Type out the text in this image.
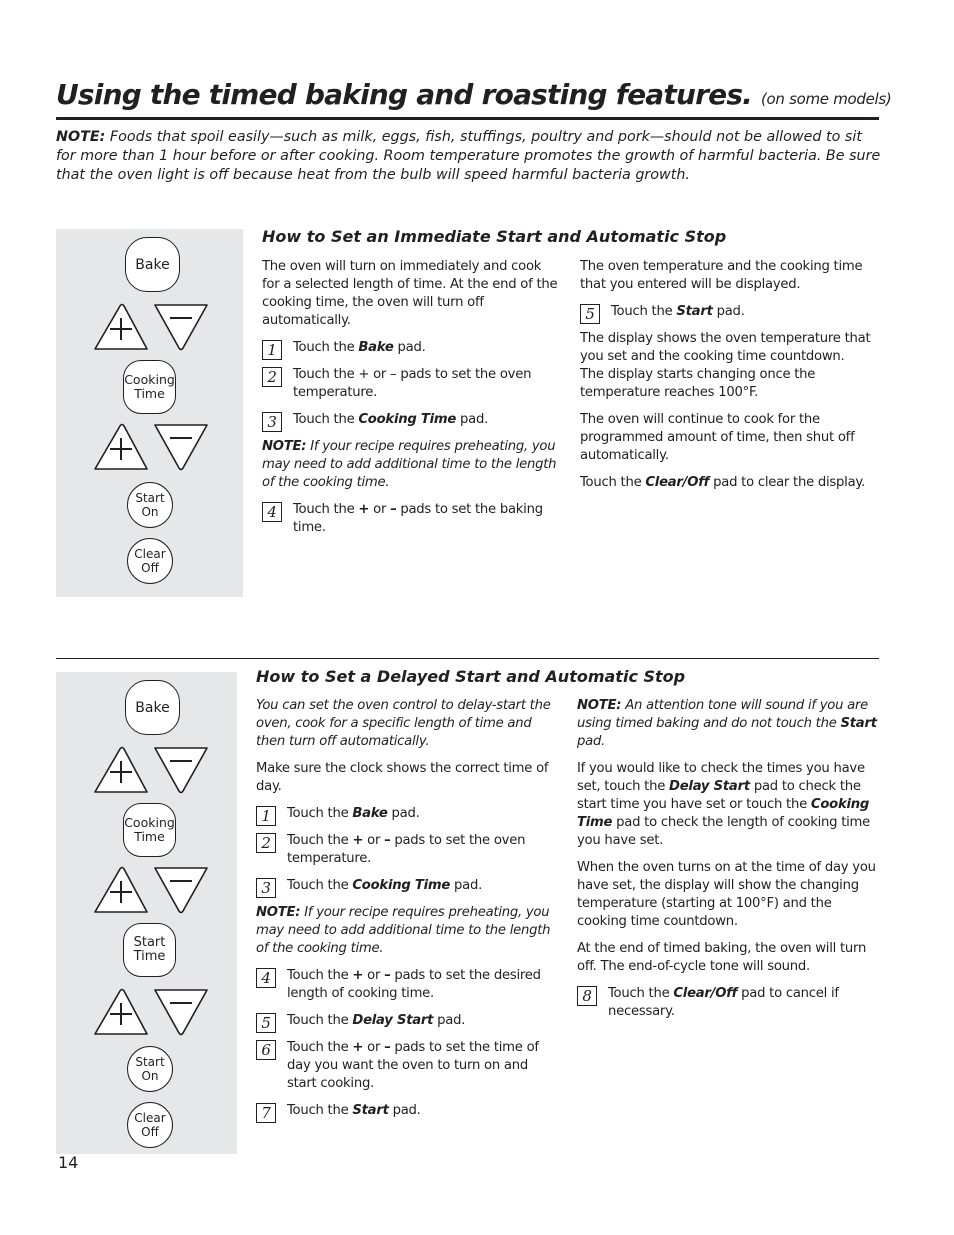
Using the timed baking and roasting features. (on some models)
NOTE: Foods that spoil easily—such as milk, eggs, fish, stuffings, poultry and pork—should not be allowed to sit for more than 1 hour before or after cooking. Room temperature promotes the growth of harmful bacteria. Be sure that the oven light is off because heat from the bulb will speed harmful bacteria growth.
Bake
Cooking
Time
Start
On
Clear
Off
How to Set an Immediate Start and Automatic Stop

The oven will turn on immediately and cook for a selected length of time. At the end of the cooking time, the oven will turn off automatically.

1	Touch the Bake pad.
2	Touch the + or – pads to set the oven temperature.
3	Touch the Cooking Time pad.

NOTE: If your recipe requires preheating, you may need to add additional time to the length of the cooking time.

4	Touch the + or – pads to set the baking time.

The oven temperature and the cooking time that you entered will be displayed.

5	Touch the Start pad.

The display shows the oven temperature that you set and the cooking time countdown. The display starts changing once the temperature reaches 100°F.

The oven will continue to cook for the programmed amount of time, then shut off automatically.

Touch the Clear/Off pad to clear the display.

Bake
Cooking
Time
Start
Time
Start
On
Clear
Off
How to Set a Delayed Start and Automatic Stop

You can set the oven control to delay-start the oven, cook for a specific length of time and then turn off automatically.

Make sure the clock shows the correct time of day.

1	Touch the Bake pad.
2	Touch the + or – pads to set the oven temperature.
3	Touch the Cooking Time pad.

NOTE: If your recipe requires preheating, you may need to add additional time to the length of the cooking time.

4	Touch the + or – pads to set the desired length of cooking time.
5	Touch the Delay Start pad.
6	Touch the + or – pads to set the time of day you want the oven to turn on and start cooking.
7	Touch the Start pad.

NOTE: An attention tone will sound if you are using timed baking and do not touch the Start pad.

If you would like to check the times you have set, touch the Delay Start pad to check the start time you have set or touch the Cooking Time pad to check the length of cooking time you have set.

When the oven turns on at the time of day you have set, the display will show the changing temperature (starting at 100°F) and the cooking time countdown.

At the end of timed baking, the oven will turn off. The end-of-cycle tone will sound.

8	Touch the Clear/Off pad to cancel if necessary.
14
